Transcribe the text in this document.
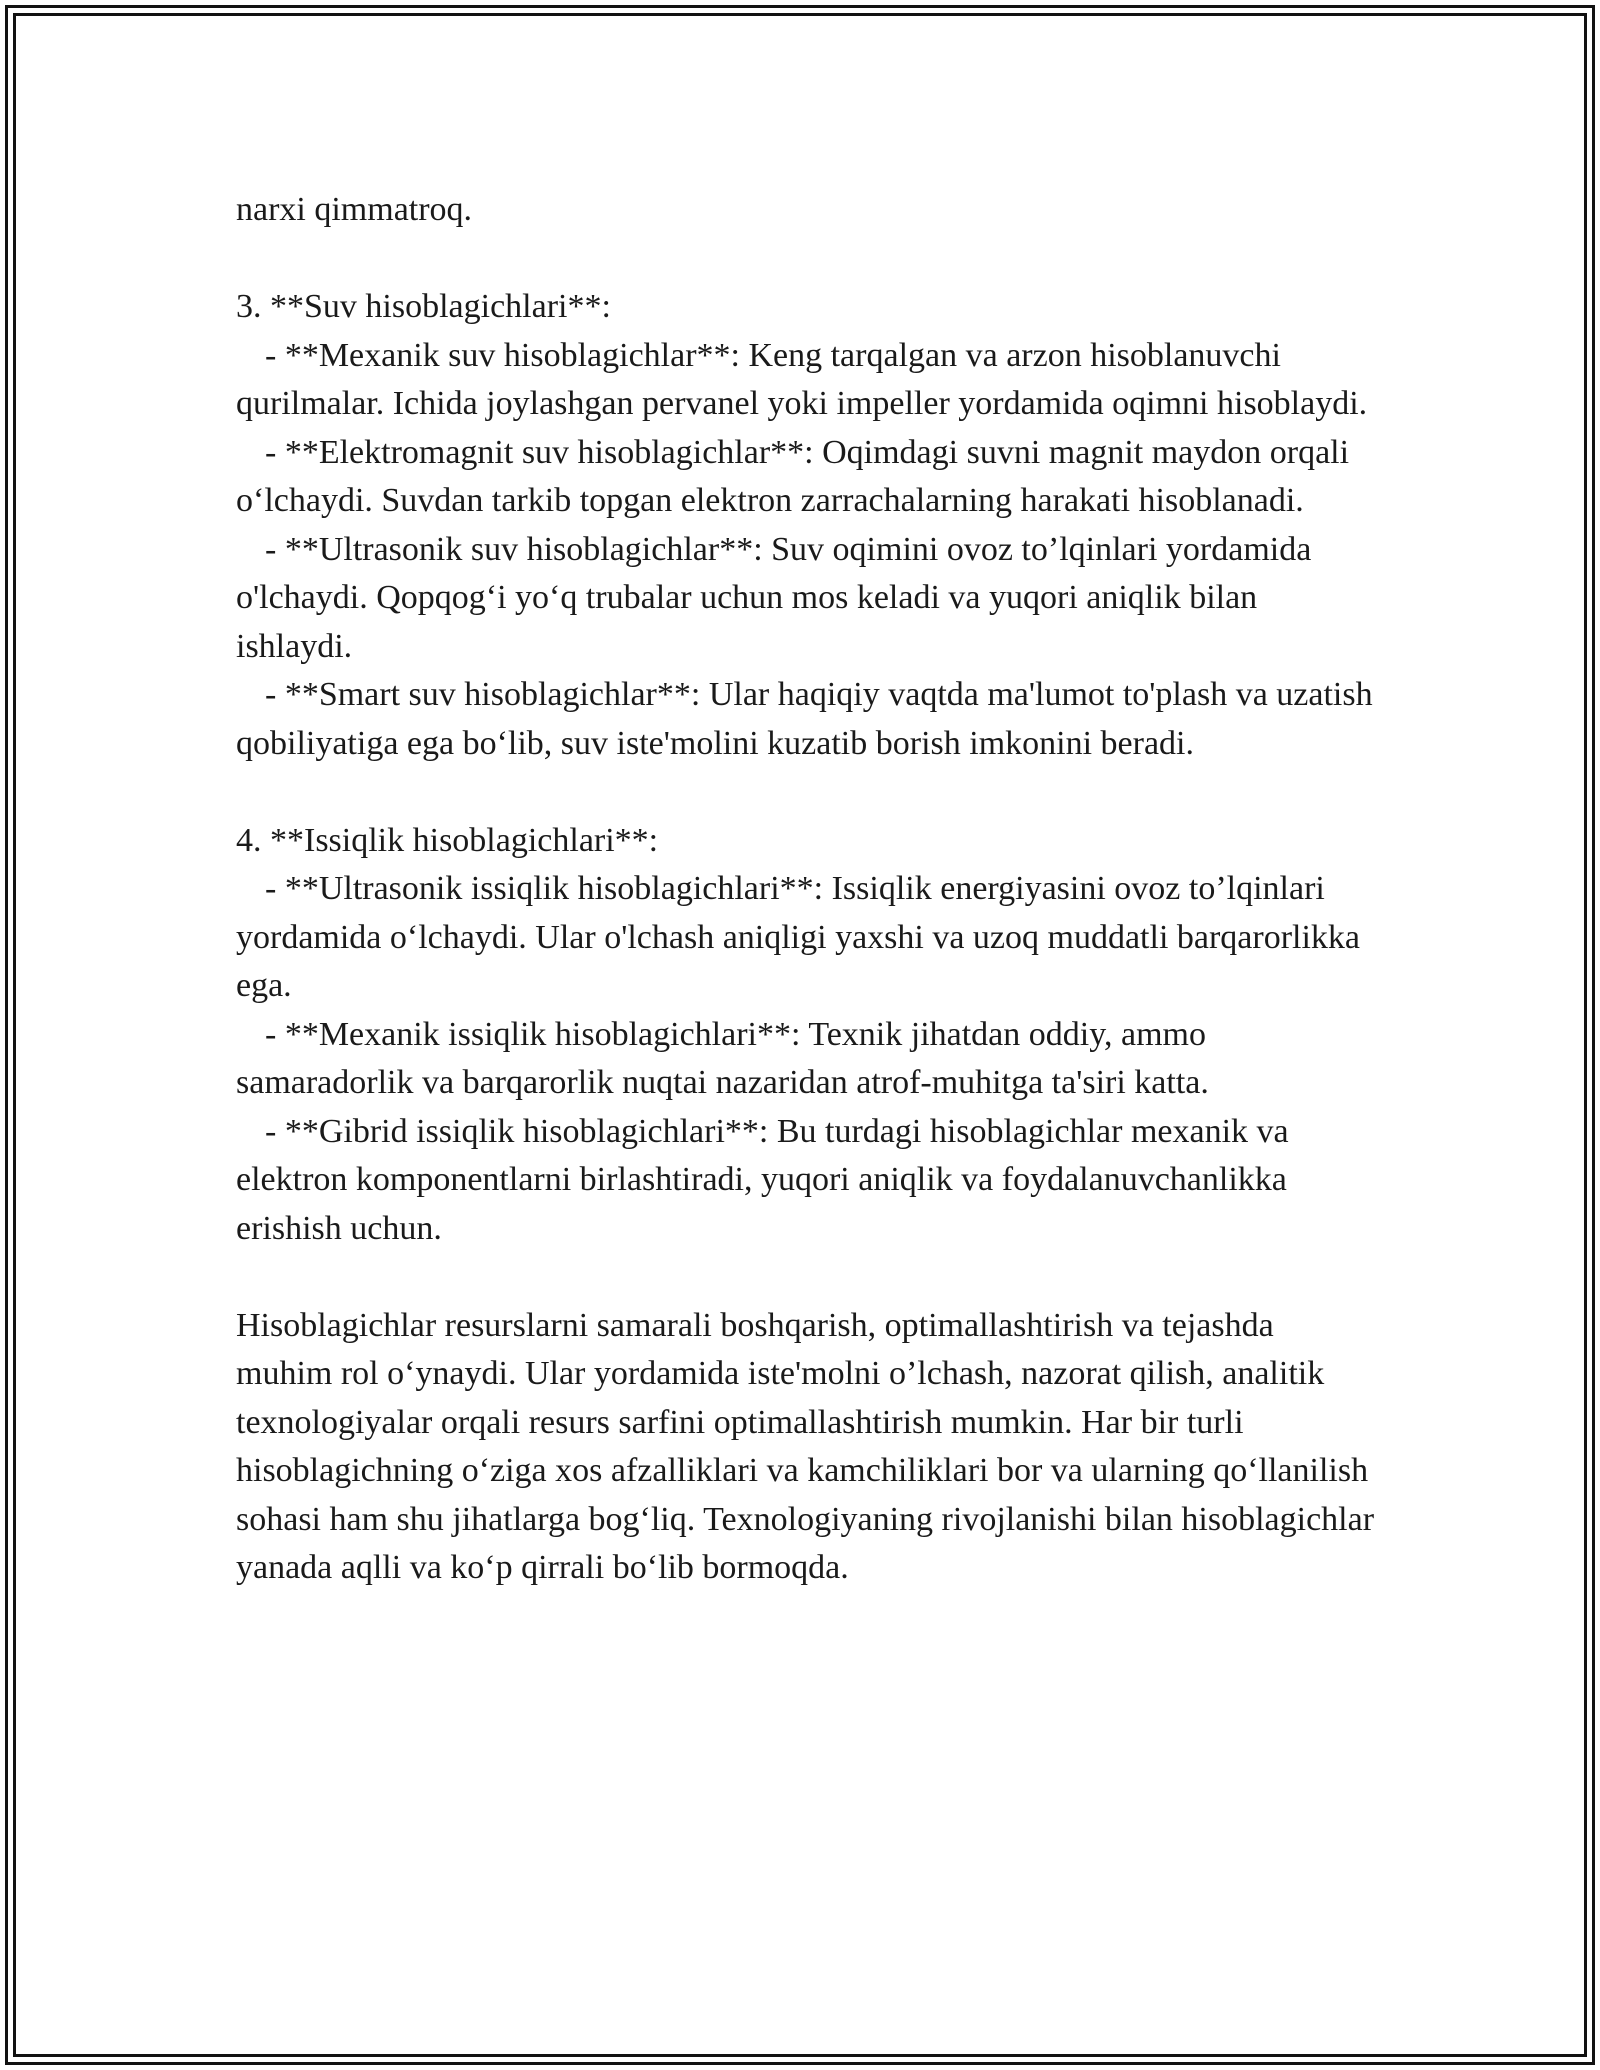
narxi qimmatroq.

3. **Suv hisoblagichlari**:

- **Mexanik suv hisoblagichlar**: Keng tarqalgan va arzon hisoblanuvchi qurilmalar. Ichida joylashgan pervanel yoki impeller yordamida oqimni hisoblaydi.

- **Elektromagnit suv hisoblagichlar**: Oqimdagi suvni magnit maydon orqali o‘lchaydi. Suvdan tarkib topgan elektron zarrachalarning harakati hisoblanadi.

- **Ultrasonik suv hisoblagichlar**: Suv oqimini ovoz to’lqinlari yordamida o'lchaydi. Qopqog‘i yo‘q trubalar uchun mos keladi va yuqori aniqlik bilan ishlaydi.

- **Smart suv hisoblagichlar**: Ular haqiqiy vaqtda ma'lumot to'plash va uzatish qobiliyatiga ega bo‘lib, suv iste'molini kuzatib borish imkonini beradi.

4. **Issiqlik hisoblagichlari**:

- **Ultrasonik issiqlik hisoblagichlari**: Issiqlik energiyasini ovoz to’lqinlari yordamida o‘lchaydi. Ular o'lchash aniqligi yaxshi va uzoq muddatli barqarorlikka ega.

- **Mexanik issiqlik hisoblagichlari**: Texnik jihatdan oddiy, ammo samaradorlik va barqarorlik nuqtai nazaridan atrof-muhitga ta'siri katta.

- **Gibrid issiqlik hisoblagichlari**: Bu turdagi hisoblagichlar mexanik va elektron komponentlarni birlashtiradi, yuqori aniqlik va foydalanuvchanlikka erishish uchun.

Hisoblagichlar resurslarni samarali boshqarish, optimallashtirish va tejashda muhim rol o‘ynaydi. Ular yordamida iste'molni o’lchash, nazorat qilish, analitik texnologiyalar orqali resurs sarfini optimallashtirish mumkin. Har bir turli hisoblagichning o‘ziga xos afzalliklari va kamchiliklari bor va ularning qo‘llanilish sohasi ham shu jihatlarga bog‘liq. Texnologiyaning rivojlanishi bilan hisoblagichlar yanada aqlli va ko‘p qirrali bo‘lib bormoqda.
